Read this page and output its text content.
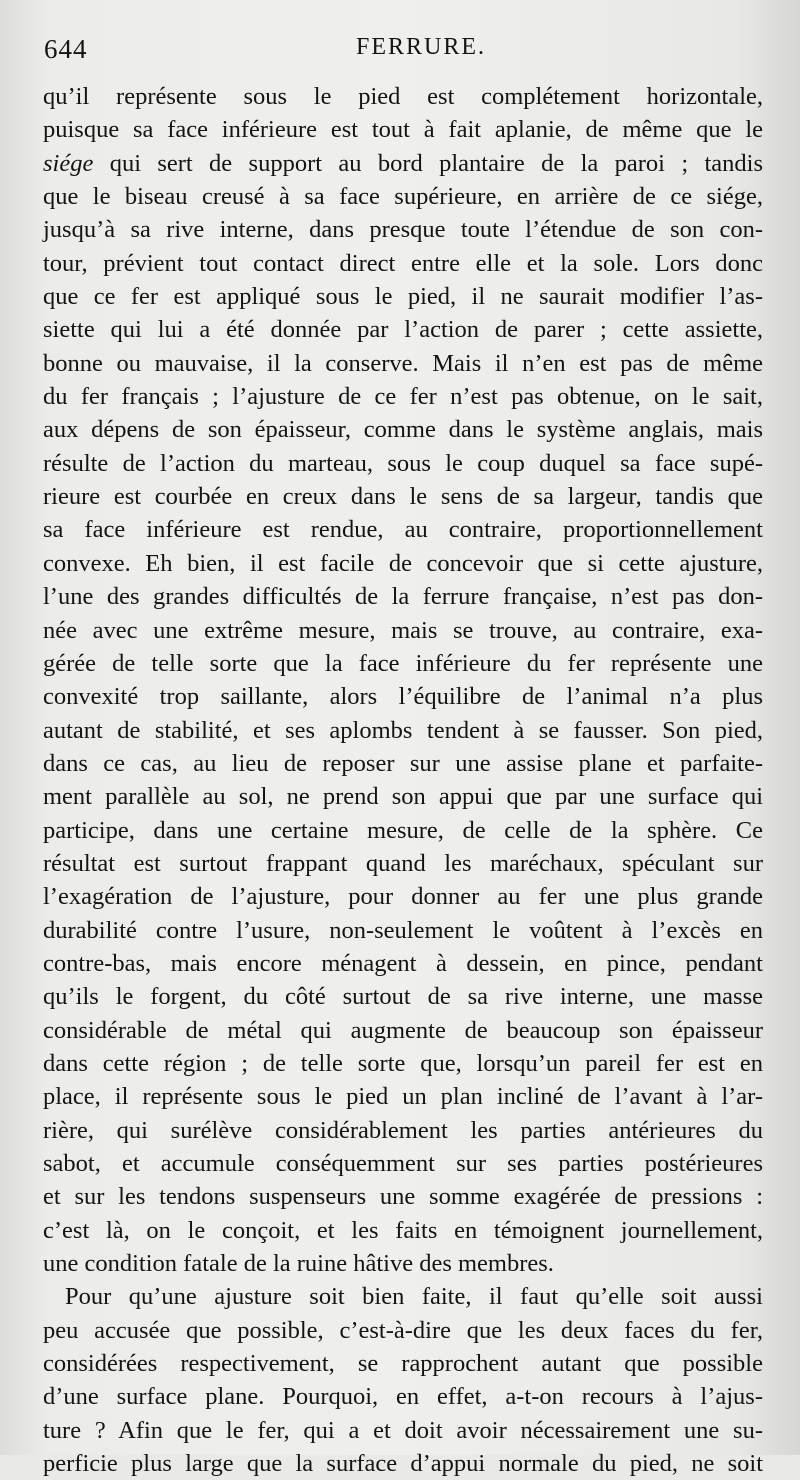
644	FERRURE.
qu’il représente sous le pied est complétement horizontale,
puisque sa face inférieure est tout à fait aplanie, de même que le
siége qui sert de support au bord plantaire de la paroi ; tandis
que le biseau creusé à sa face supérieure, en arrière de ce siége,
jusqu’à sa rive interne, dans presque toute l’étendue de son con-
tour, prévient tout contact direct entre elle et la sole. Lors donc
que ce fer est appliqué sous le pied, il ne saurait modifier l’as-
siette qui lui a été donnée par l’action de parer ; cette assiette,
bonne ou mauvaise, il la conserve. Mais il n’en est pas de même
du fer français ; l’ajusture de ce fer n’est pas obtenue, on le sait,
aux dépens de son épaisseur, comme dans le système anglais, mais
résulte de l’action du marteau, sous le coup duquel sa face supé-
rieure est courbée en creux dans le sens de sa largeur, tandis que
sa face inférieure est rendue, au contraire, proportionnellement
convexe. Eh bien, il est facile de concevoir que si cette ajusture,
l’une des grandes difficultés de la ferrure française, n’est pas don-
née avec une extrême mesure, mais se trouve, au contraire, exa-
gérée de telle sorte que la face inférieure du fer représente une
convexité trop saillante, alors l’équilibre de l’animal n’a plus
autant de stabilité, et ses aplombs tendent à se fausser. Son pied,
dans ce cas, au lieu de reposer sur une assise plane et parfaite-
ment parallèle au sol, ne prend son appui que par une surface qui
participe, dans une certaine mesure, de celle de la sphère. Ce
résultat est surtout frappant quand les maréchaux, spéculant sur
l’exagération de l’ajusture, pour donner au fer une plus grande
durabilité contre l’usure, non-seulement le voûtent à l’excès en
contre-bas, mais encore ménagent à dessein, en pince, pendant
qu’ils le forgent, du côté surtout de sa rive interne, une masse
considérable de métal qui augmente de beaucoup son épaisseur
dans cette région ; de telle sorte que, lorsqu’un pareil fer est en
place, il représente sous le pied un plan incliné de l’avant à l’ar-
rière, qui surélève considérablement les parties antérieures du
sabot, et accumule conséquemment sur ses parties postérieures
et sur les tendons suspenseurs une somme exagérée de pressions :
c’est là, on le conçoit, et les faits en témoignent journellement,
une condition fatale de la ruine hâtive des membres.
Pour qu’une ajusture soit bien faite, il faut qu’elle soit aussi
peu accusée que possible, c’est-à-dire que les deux faces du fer,
considérées respectivement, se rapprochent autant que possible
d’une surface plane. Pourquoi, en effet, a-t-on recours à l’ajus-
ture ? Afin que le fer, qui a et doit avoir nécessairement une su-
perficie plus large que la surface d’appui normale du pied, ne soit
